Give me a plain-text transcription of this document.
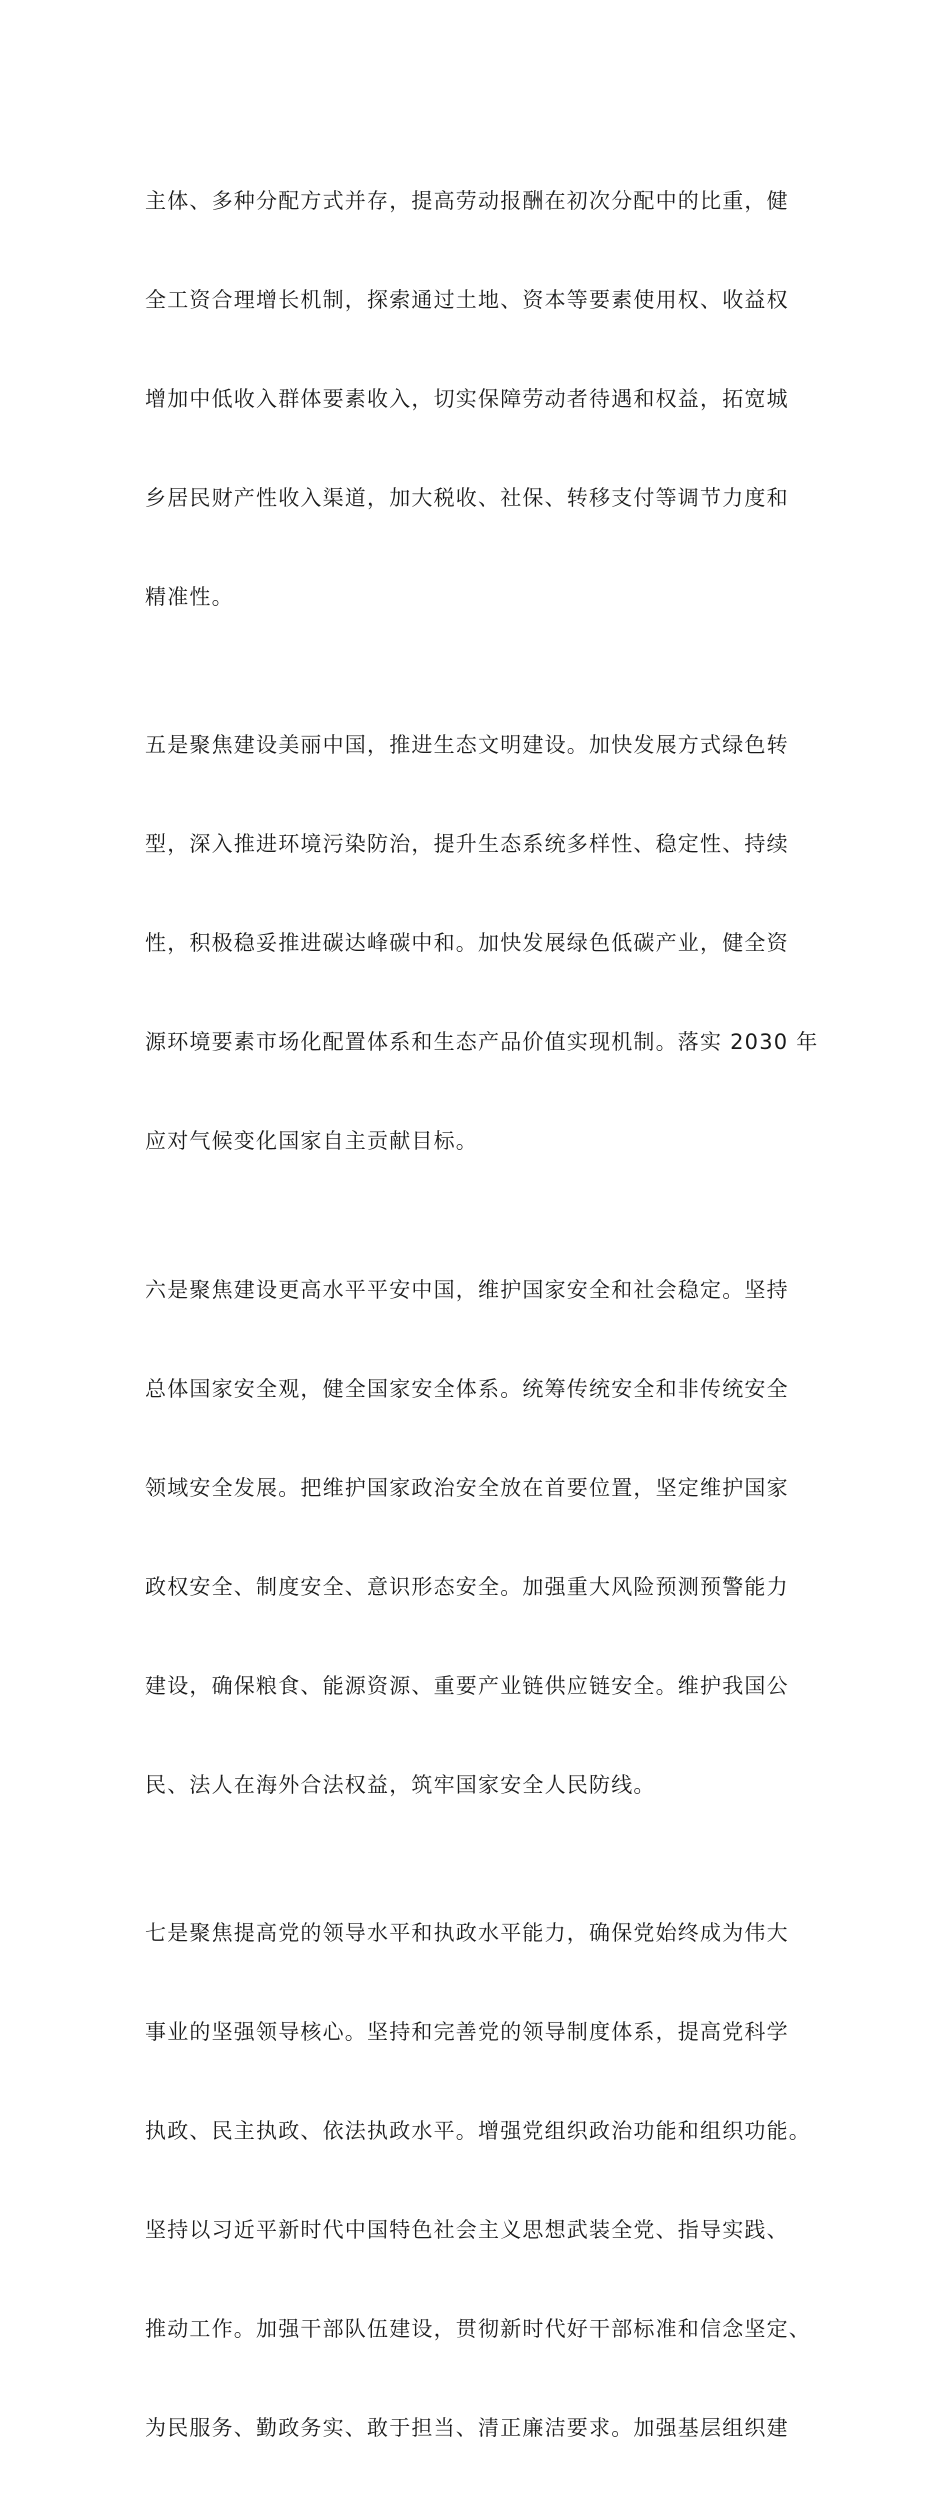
主体、多种分配方式并存，提高劳动报酬在初次分配中的比重，健

全工资合理增长机制，探索通过土地、资本等要素使用权、收益权

增加中低收入群体要素收入，切实保障劳动者待遇和权益，拓宽城

乡居民财产性收入渠道，加大税收、社保、转移支付等调节力度和

精准性。

五是聚焦建设美丽中国，推进生态文明建设。加快发展方式绿色转

型，深入推进环境污染防治，提升生态系统多样性、稳定性、持续

性，积极稳妥推进碳达峰碳中和。加快发展绿色低碳产业，健全资

源环境要素市场化配置体系和生态产品价值实现机制。落实 2030 年

应对气候变化国家自主贡献目标。

六是聚焦建设更高水平平安中国，维护国家安全和社会稳定。坚持

总体国家安全观，健全国家安全体系。统筹传统安全和非传统安全

领域安全发展。把维护国家政治安全放在首要位置，坚定维护国家

政权安全、制度安全、意识形态安全。加强重大风险预测预警能力

建设，确保粮食、能源资源、重要产业链供应链安全。维护我国公

民、法人在海外合法权益，筑牢国家安全人民防线。

七是聚焦提高党的领导水平和执政水平能力，确保党始终成为伟大

事业的坚强领导核心。坚持和完善党的领导制度体系，提高党科学

执政、民主执政、依法执政水平。增强党组织政治功能和组织功能。

坚持以习近平新时代中国特色社会主义思想武装全党、指导实践、

推动工作。加强干部队伍建设，贯彻新时代好干部标准和信念坚定、

为民服务、勤政务实、敢于担当、清正廉洁要求。加强基层组织建
